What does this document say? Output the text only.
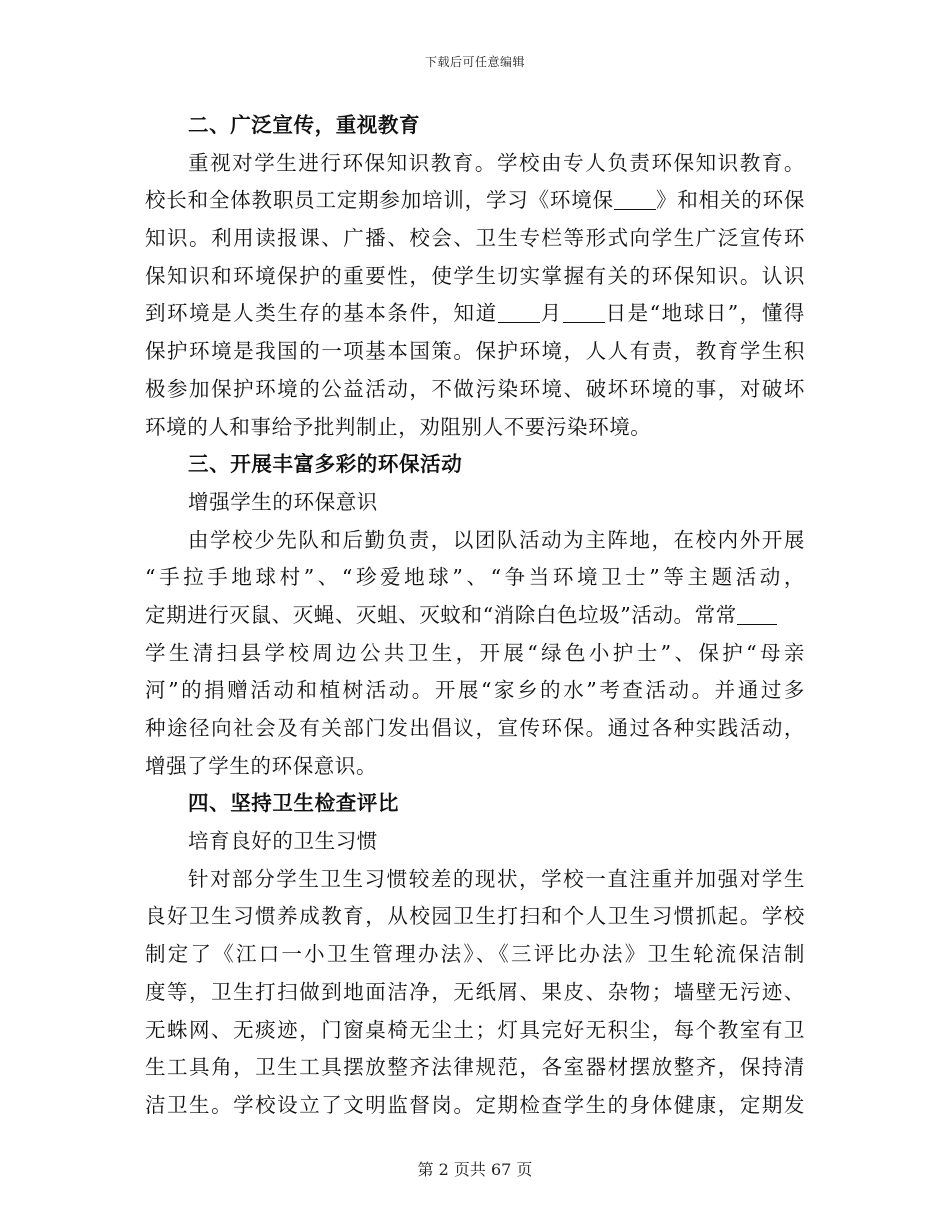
下载后可任意编辑
二、广泛宣传，重视教育
重视对学生进行环保知识教育。学校由专人负责环保知识教育。
校长和全体教职员工定期参加培训，学习《环境保 》和相关的环保
知识。利用读报课、广播、校会、卫生专栏等形式向学生广泛宣传环
保知识和环境保护的重要性，使学生切实掌握有关的环保知识。认识
到环境是人类生存的基本条件，知道 月 日是“地球日”，懂得
保护环境是我国的一项基本国策。保护环境，人人有责，教育学生积
极参加保护环境的公益活动，不做污染环境、破坏环境的事，对破坏
环境的人和事给予批判制止，劝阻别人不要污染环境。
三、开展丰富多彩的环保活动
增强学生的环保意识
由学校少先队和后勤负责，以团队活动为主阵地，在校内外开展
“手拉手地球村”、“珍爱地球”、“争当环境卫士”等主题活动，
定期进行灭鼠、灭蝇、灭蛆、灭蚊和“消除白色垃圾”活动。常常
学生清扫县学校周边公共卫生，开展“绿色小护士”、保护“母亲
河”的捐赠活动和植树活动。开展“家乡的水”考查活动。并通过多
种途径向社会及有关部门发出倡议，宣传环保。通过各种实践活动，
增强了学生的环保意识。
四、坚持卫生检查评比
培育良好的卫生习惯
针对部分学生卫生习惯较差的现状，学校一直注重并加强对学生
良好卫生习惯养成教育，从校园卫生打扫和个人卫生习惯抓起。学校
制定了《江口一小卫生管理办法》、《三评比办法》卫生轮流保洁制
度等，卫生打扫做到地面洁净，无纸屑、果皮、杂物；墙壁无污迹、
无蛛网、无痰迹，门窗桌椅无尘土；灯具完好无积尘，每个教室有卫
生工具角，卫生工具摆放整齐法律规范，各室器材摆放整齐，保持清
洁卫生。学校设立了文明监督岗。定期检查学生的身体健康，定期发
第 2 页共 67 页
